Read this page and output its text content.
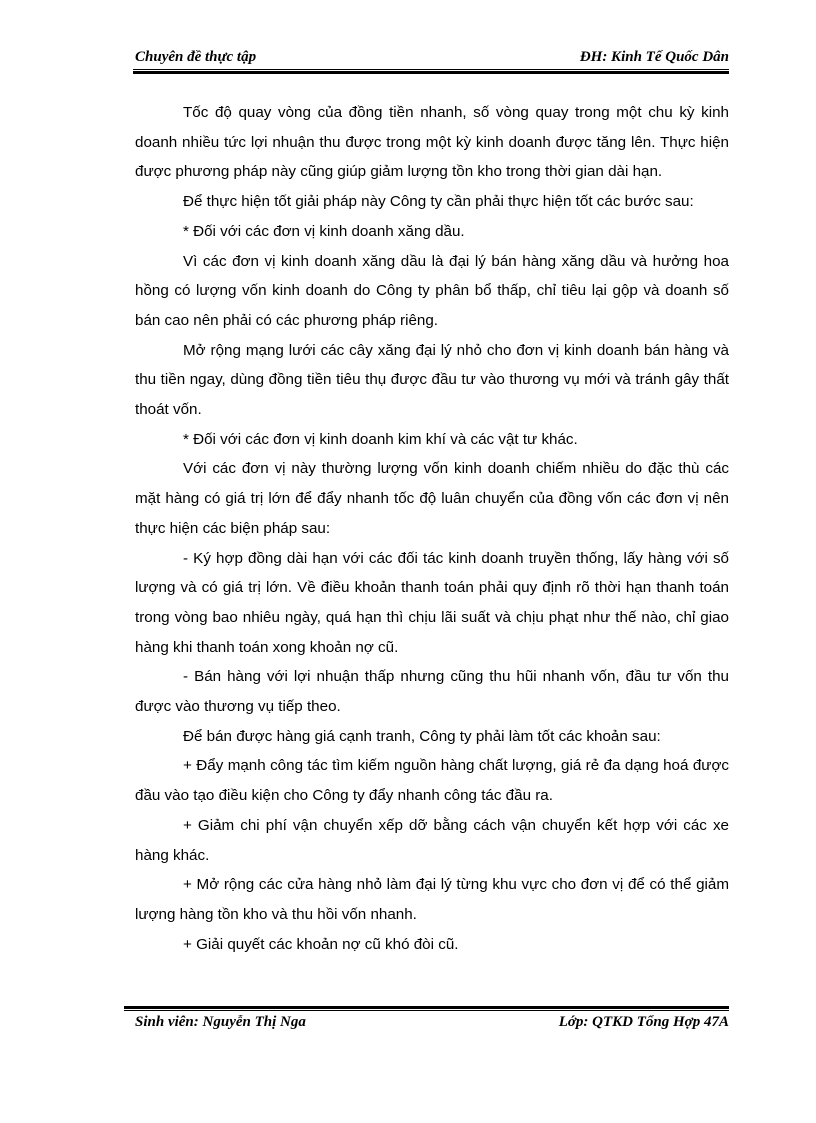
Chuyên đề thực tập	ĐH: Kinh Tế Quốc Dân

Tốc độ quay vòng của đồng tiền nhanh, số vòng quay trong một chu kỳ kinh doanh nhiều tức lợi nhuận thu được trong một kỳ kinh doanh được tăng lên. Thực hiện được phương pháp này cũng giúp giảm lượng tồn kho trong thời gian dài hạn.

Để thực hiện tốt giải pháp này Công ty cần phải thực hiện tốt các bước sau:

* Đối với các đơn vị kinh doanh xăng dầu.

Vì các đơn vị kinh doanh xăng dầu là đại lý bán hàng xăng dầu và hưởng hoa hồng có lượng vốn kinh doanh do Công ty phân bổ thấp, chỉ tiêu lại gộp và doanh số bán cao nên phải có các phương pháp riêng.

Mở rộng mạng lưới các cây xăng đại lý nhỏ cho đơn vị kinh doanh bán hàng và thu tiền ngay, dùng đồng tiền tiêu thụ được đầu tư vào thương vụ mới và tránh gây thất thoát vốn.

* Đối với các đơn vị kinh doanh kim khí và các vật tư khác.

Với các đơn vị này thường lượng vốn kinh doanh chiếm nhiều do đặc thù các mặt hàng có giá trị lớn để đẩy nhanh tốc độ luân chuyển của đồng vốn các đơn vị nên thực hiện các biện pháp sau:

- Ký hợp đồng dài hạn với các đối tác kinh doanh truyền thống, lấy hàng với số lượng và có giá trị lớn. Về điều khoản thanh toán phải quy định rõ thời hạn thanh toán trong vòng bao nhiêu ngày, quá hạn thì chịu lãi suất và chịu phạt như thế nào, chỉ giao hàng khi thanh toán xong khoản nợ cũ.

- Bán hàng với lợi nhuận thấp nhưng cũng thu hũi nhanh vốn, đầu tư vốn thu được vào thương vụ tiếp theo.

Để bán được hàng giá cạnh tranh, Công ty phải làm tốt các khoản sau:

+ Đẩy mạnh công tác tìm kiếm nguồn hàng chất lượng, giá rẻ đa dạng hoá được đầu vào tạo điều kiện cho Công ty đẩy nhanh công tác đầu ra.

+ Giảm chi phí vận chuyển xếp dỡ bằng cách vận chuyển kết hợp với các xe hàng khác.

+ Mở rộng các cửa hàng nhỏ làm đại lý từng khu vực cho đơn vị để có thể giảm lượng hàng tồn kho và thu hồi vốn nhanh.

+ Giải quyết các khoản nợ cũ khó đòi cũ.

Sinh viên: Nguyễn Thị Nga	Lớp: QTKD Tổng Hợp 47A
